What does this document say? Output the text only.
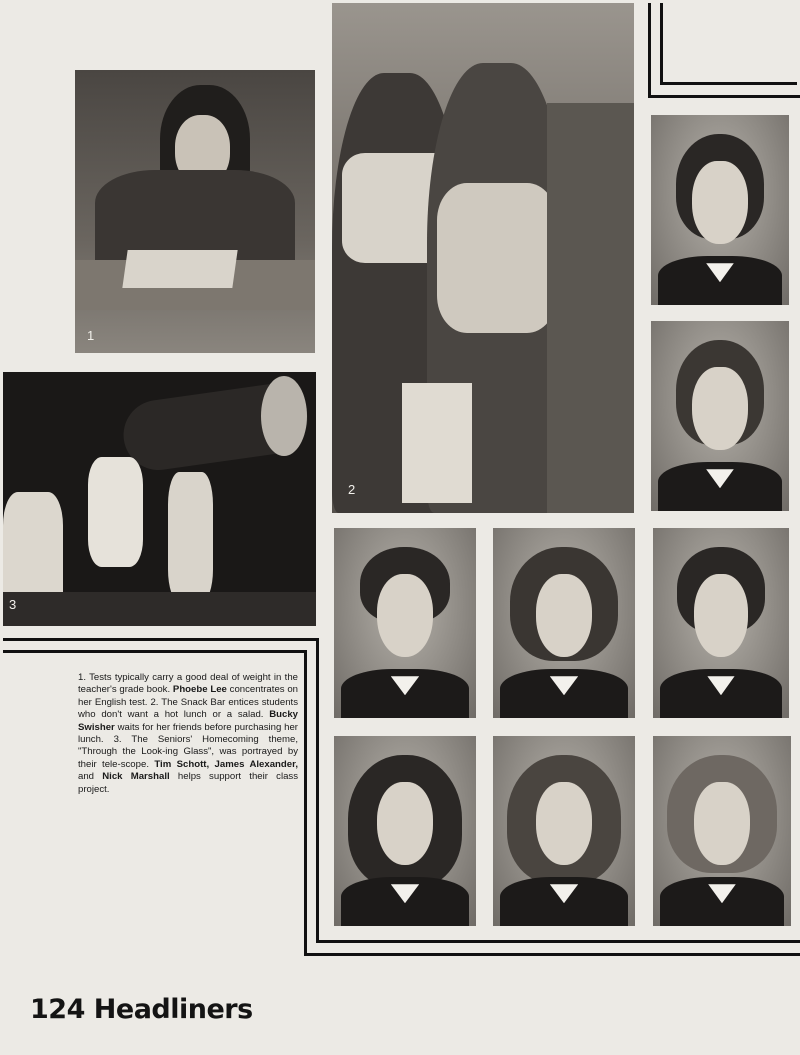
1
2
3
1. Tests typically carry a good deal of weight in the teacher's grade book. Phoebe Lee concentrates on her English test. 2. The Snack Bar entices students who don't want a hot lunch or a salad. Bucky Swisher waits for her friends before purchasing her lunch. 3. The Seniors' Homecoming theme, "Through the Look-ing Glass", was portrayed by their tele-scope. Tim Schott, James Alexander, and Nick Marshall helps support their class project.
124 Headliners
